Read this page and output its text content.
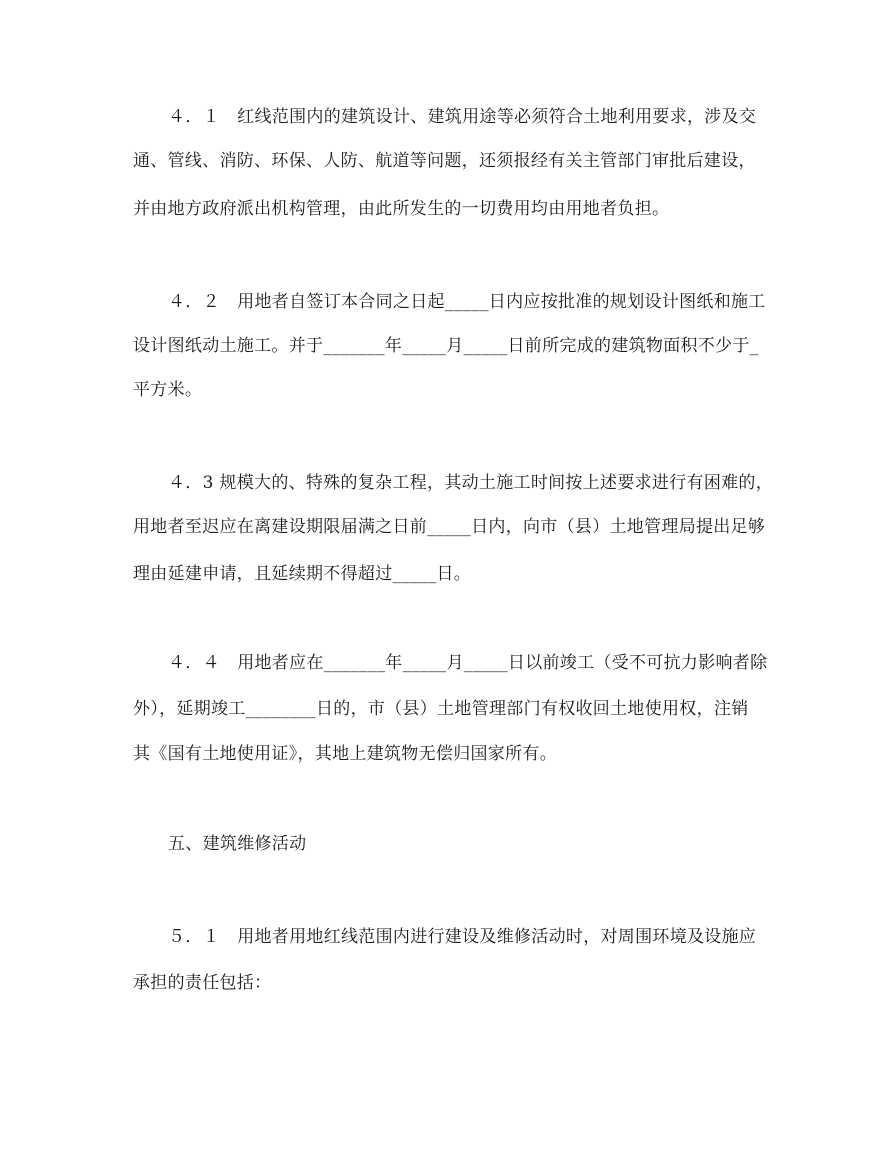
４．１　红线范围内的建筑设计、建筑用途等必须符合土地利用要求，涉及交
通、管线、消防、环保、人防、航道等问题，还须报经有关主管部门审批后建设，
并由地方政府派出机构管理，由此所发生的一切费用均由用地者负担。
４．２　用地者自签订本合同之日起_____日内应按批准的规划设计图纸和施工
设计图纸动土施工。并于_______年_____月_____日前所完成的建筑物面积不少于_
平方米。
４．3 规模大的、特殊的复杂工程，其动土施工时间按上述要求进行有困难的，
用地者至迟应在离建设期限届满之日前_____日内，向市（县）土地管理局提出足够
理由延建申请，且延续期不得超过_____日。
４．４　用地者应在_______年_____月_____日以前竣工（受不可抗力影响者除
外），延期竣工________日的，市（县）土地管理部门有权收回土地使用权，注销
其《国有土地使用证》，其地上建筑物无偿归国家所有。
五、建筑维修活动
５．１　用地者用地红线范围内进行建设及维修活动时，对周围环境及设施应
承担的责任包括：
